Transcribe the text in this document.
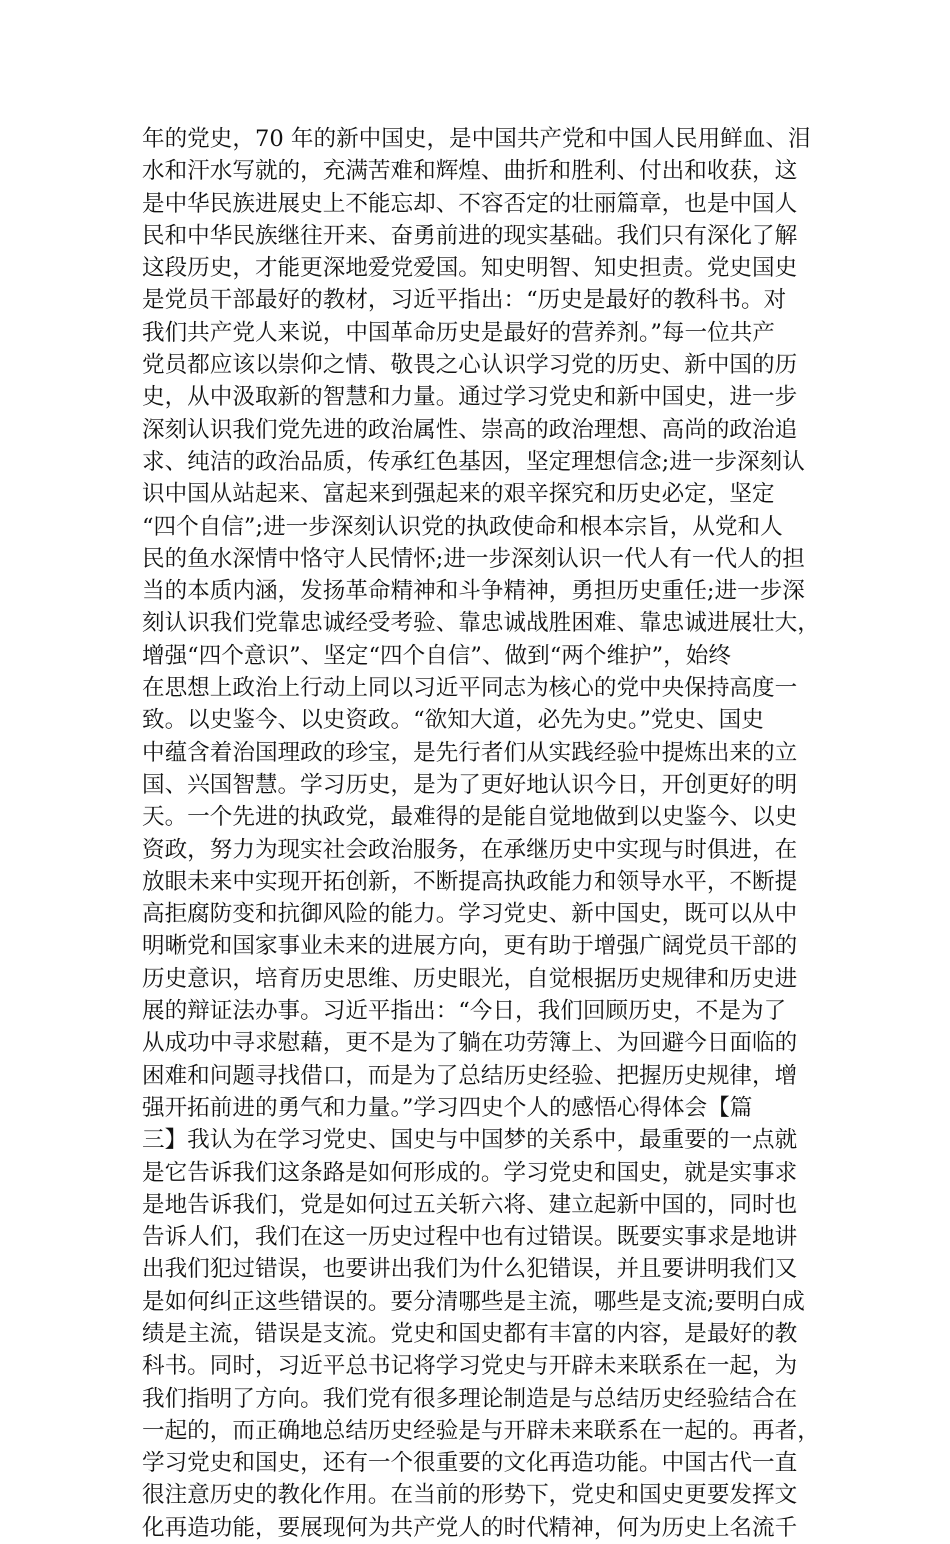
年的党史，70 年的新中国史，是中国共产党和中国人民用鲜血、泪
水和汗水写就的，充满苦难和辉煌、曲折和胜利、付出和收获，这
是中华民族进展史上不能忘却、不容否定的壮丽篇章，也是中国人
民和中华民族继往开来、奋勇前进的现实基础。我们只有深化了解
这段历史，才能更深地爱党爱国。知史明智、知史担责。党史国史
是党员干部最好的教材，习近平指出：“历史是最好的教科书。对
我们共产党人来说，中国革命历史是最好的营养剂。”每一位共产
党员都应该以崇仰之情、敬畏之心认识学习党的历史、新中国的历
史，从中汲取新的智慧和力量。通过学习党史和新中国史，进一步
深刻认识我们党先进的政治属性、崇高的政治理想、高尚的政治追
求、纯洁的政治品质，传承红色基因，坚定理想信念;进一步深刻认
识中国从站起来、富起来到强起来的艰辛探究和历史必定，坚定
“四个自信”;进一步深刻认识党的执政使命和根本宗旨，从党和人
民的鱼水深情中恪守人民情怀;进一步深刻认识一代人有一代人的担
当的本质内涵，发扬革命精神和斗争精神，勇担历史重任;进一步深
刻认识我们党靠忠诚经受考验、靠忠诚战胜困难、靠忠诚进展壮大，
增强“四个意识”、坚定“四个自信”、做到“两个维护”，始终
在思想上政治上行动上同以习近平同志为核心的党中央保持高度一
致。以史鉴今、以史资政。“欲知大道，必先为史。”党史、国史
中蕴含着治国理政的珍宝，是先行者们从实践经验中提炼出来的立
国、兴国智慧。学习历史，是为了更好地认识今日，开创更好的明
天。一个先进的执政党，最难得的是能自觉地做到以史鉴今、以史
资政，努力为现实社会政治服务，在承继历史中实现与时俱进，在
放眼未来中实现开拓创新，不断提高执政能力和领导水平，不断提
高拒腐防变和抗御风险的能力。学习党史、新中国史，既可以从中
明晰党和国家事业未来的进展方向，更有助于增强广阔党员干部的
历史意识，培育历史思维、历史眼光，自觉根据历史规律和历史进
展的辩证法办事。习近平指出：“今日，我们回顾历史，不是为了
从成功中寻求慰藉，更不是为了躺在功劳簿上、为回避今日面临的
困难和问题寻找借口，而是为了总结历史经验、把握历史规律，增
强开拓前进的勇气和力量。”学习四史个人的感悟心得体会【篇
三】我认为在学习党史、国史与中国梦的关系中，最重要的一点就
是它告诉我们这条路是如何形成的。学习党史和国史，就是实事求
是地告诉我们，党是如何过五关斩六将、建立起新中国的，同时也
告诉人们，我们在这一历史过程中也有过错误。既要实事求是地讲
出我们犯过错误，也要讲出我们为什么犯错误，并且要讲明我们又
是如何纠正这些错误的。要分清哪些是主流，哪些是支流;要明白成
绩是主流，错误是支流。党史和国史都有丰富的内容，是最好的教
科书。同时，习近平总书记将学习党史与开辟未来联系在一起，为
我们指明了方向。我们党有很多理论制造是与总结历史经验结合在
一起的，而正确地总结历史经验是与开辟未来联系在一起的。再者，
学习党史和国史，还有一个很重要的文化再造功能。中国古代一直
很注意历史的教化作用。在当前的形势下，党史和国史更要发挥文
化再造功能，要展现何为共产党人的时代精神，何为历史上名流千
